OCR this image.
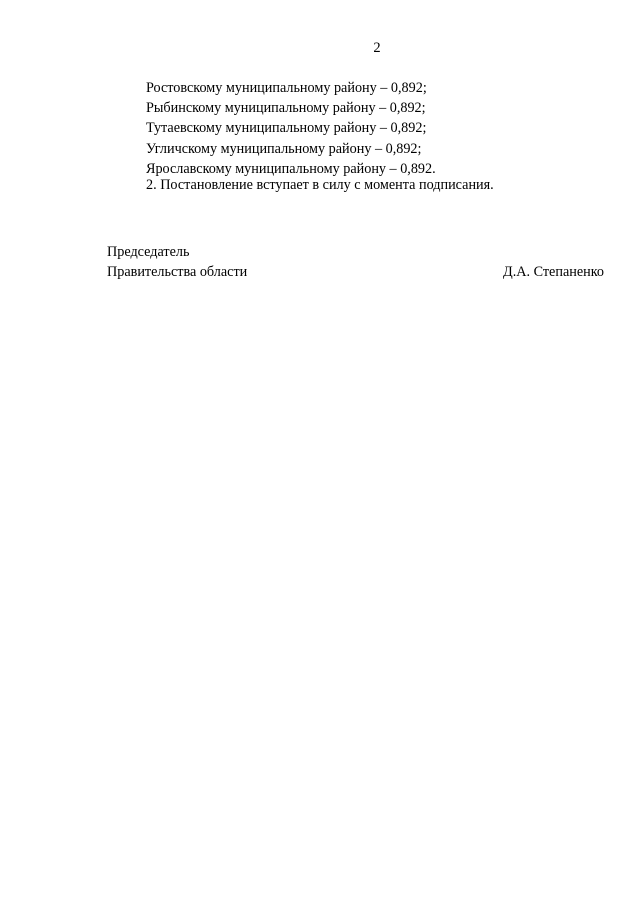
2
Ростовскому муниципальному району – 0,892;
Рыбинскому муниципальному району – 0,892;
Тутаевскому муниципальному району – 0,892;
Угличскому муниципальному району – 0,892;
Ярославскому муниципальному району – 0,892.
2. Постановление вступает в силу с момента подписания.
Председатель
Правительства области	Д.А. Степаненко
